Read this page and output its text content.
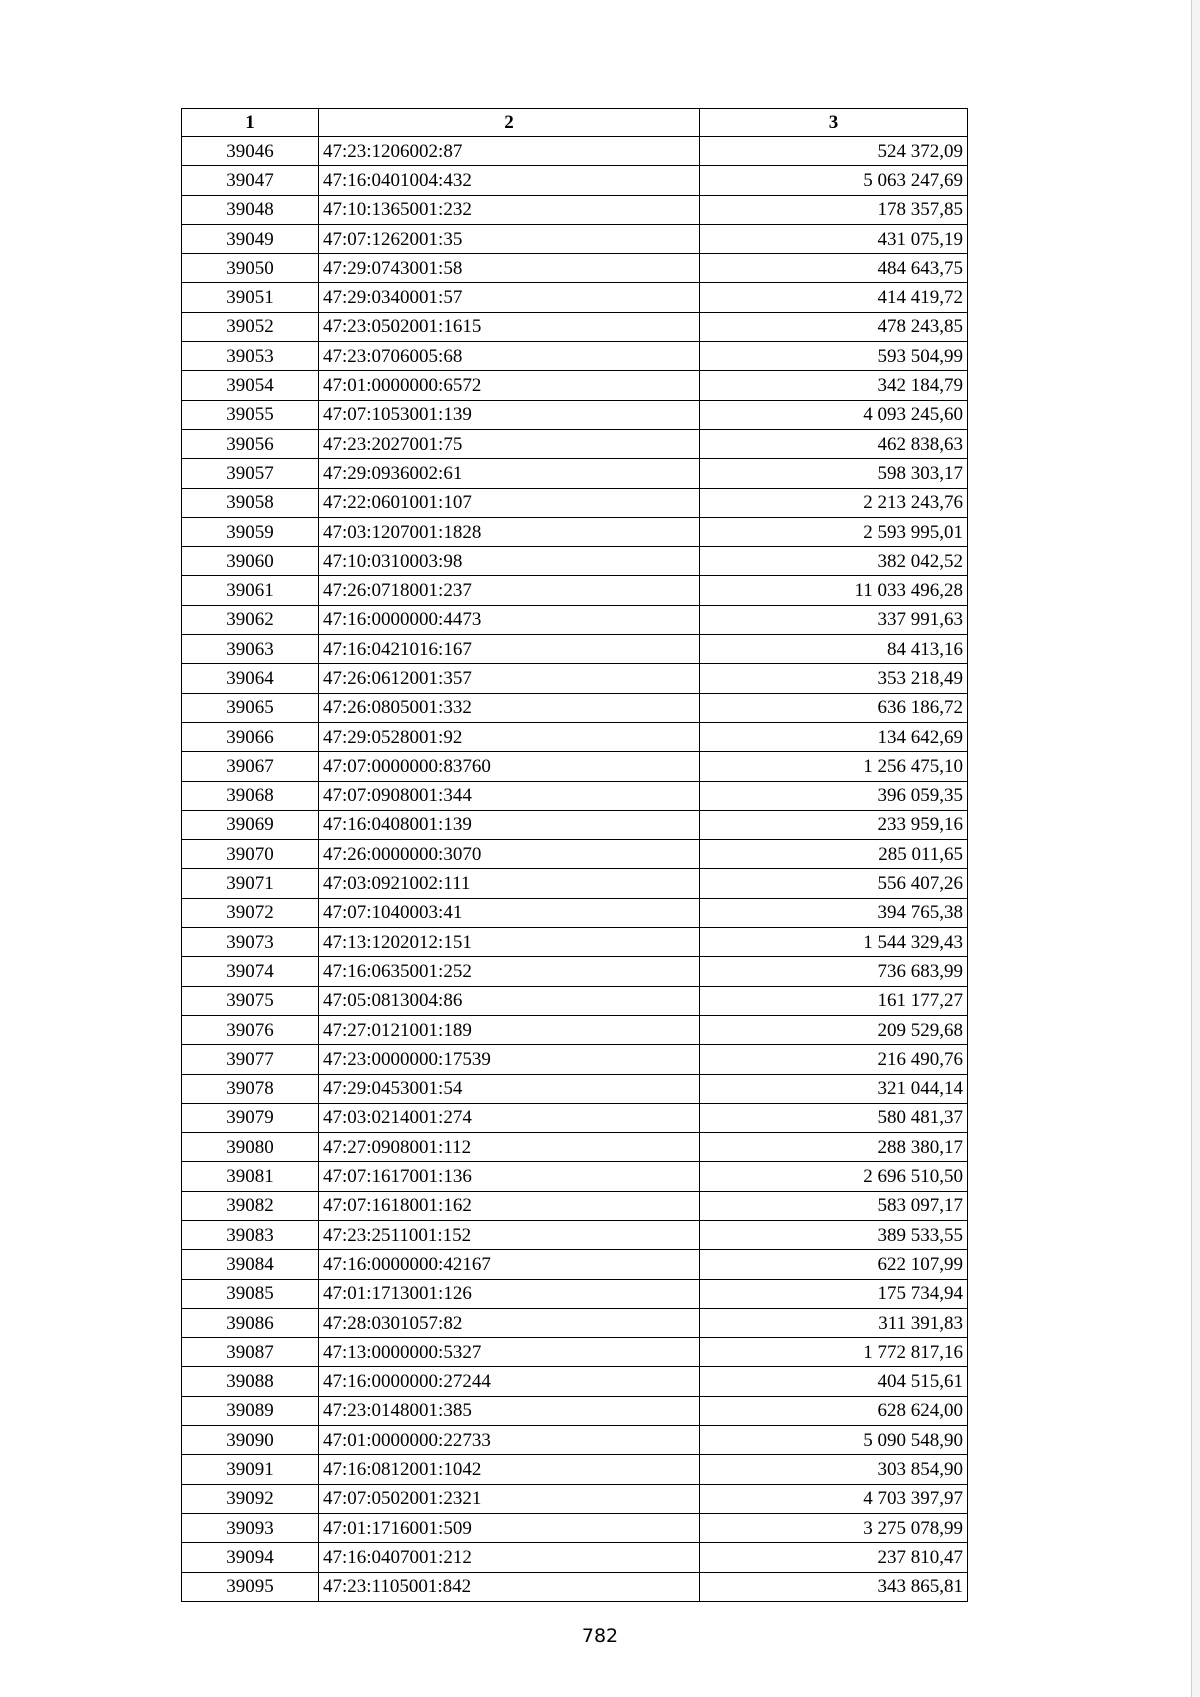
1	2	3
39046	47:23:1206002:87	524 372,09
39047	47:16:0401004:432	5 063 247,69
39048	47:10:1365001:232	178 357,85
39049	47:07:1262001:35	431 075,19
39050	47:29:0743001:58	484 643,75
39051	47:29:0340001:57	414 419,72
39052	47:23:0502001:1615	478 243,85
39053	47:23:0706005:68	593 504,99
39054	47:01:0000000:6572	342 184,79
39055	47:07:1053001:139	4 093 245,60
39056	47:23:2027001:75	462 838,63
39057	47:29:0936002:61	598 303,17
39058	47:22:0601001:107	2 213 243,76
39059	47:03:1207001:1828	2 593 995,01
39060	47:10:0310003:98	382 042,52
39061	47:26:0718001:237	11 033 496,28
39062	47:16:0000000:4473	337 991,63
39063	47:16:0421016:167	84 413,16
39064	47:26:0612001:357	353 218,49
39065	47:26:0805001:332	636 186,72
39066	47:29:0528001:92	134 642,69
39067	47:07:0000000:83760	1 256 475,10
39068	47:07:0908001:344	396 059,35
39069	47:16:0408001:139	233 959,16
39070	47:26:0000000:3070	285 011,65
39071	47:03:0921002:111	556 407,26
39072	47:07:1040003:41	394 765,38
39073	47:13:1202012:151	1 544 329,43
39074	47:16:0635001:252	736 683,99
39075	47:05:0813004:86	161 177,27
39076	47:27:0121001:189	209 529,68
39077	47:23:0000000:17539	216 490,76
39078	47:29:0453001:54	321 044,14
39079	47:03:0214001:274	580 481,37
39080	47:27:0908001:112	288 380,17
39081	47:07:1617001:136	2 696 510,50
39082	47:07:1618001:162	583 097,17
39083	47:23:2511001:152	389 533,55
39084	47:16:0000000:42167	622 107,99
39085	47:01:1713001:126	175 734,94
39086	47:28:0301057:82	311 391,83
39087	47:13:0000000:5327	1 772 817,16
39088	47:16:0000000:27244	404 515,61
39089	47:23:0148001:385	628 624,00
39090	47:01:0000000:22733	5 090 548,90
39091	47:16:0812001:1042	303 854,90
39092	47:07:0502001:2321	4 703 397,97
39093	47:01:1716001:509	3 275 078,99
39094	47:16:0407001:212	237 810,47
39095	47:23:1105001:842	343 865,81
782
